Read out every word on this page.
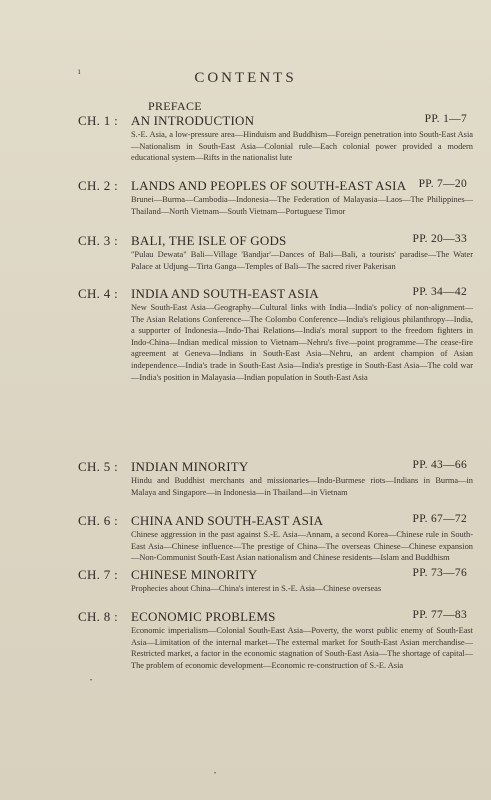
CONTENTS
PREFACE
CH. 1 : AN INTRODUCTION	PP. 1—7
S.-E. Asia, a low-pressure area—Hinduism and Buddhism—Foreign penetration into South-East Asia—Nationalism in South-East Asia—Colonial rule—Each colonial power provided a modern educational system—Rifts in the nationalist lute
CH. 2 : LANDS AND PEOPLES OF SOUTH-EAST ASIA PP. 7—20
Brunei—Burma—Cambodia—Indonesia—The Federation of Malayasia—Laos—The Philippines—Thailand—North Vietnam—South Vietnam—Portuguese Timor
CH. 3 : BALI, THE ISLE OF GODS	PP. 20—33
"Pulau Dewata" Bali—Village 'Bandjar'—Dances of Bali—Bali, a tourists' paradise—The Water Palace at Udjung—Tirta Ganga—Temples of Bali—The sacred river Pakerisan
CH. 4 : INDIA AND SOUTH-EAST ASIA	PP. 34—42
New South-East Asia—Geography—Cultural links with India—India's policy of non-alignment—The Asian Relations Conference—The Colombo Conference—India's religious philanthropy—India, a supporter of Indonesia—Indo-Thai Relations—India's moral support to the freedom fighters in Indo-China—Indian medical mission to Vietnam—Nehru's five—point programme—The cease-fire agreement at Geneva—Indians in South-East Asia—Nehru, an ardent champion of Asian independence—India's trade in South-East Asia—India's prestige in South-East Asia—The cold war—India's position in Malayasia—Indian population in South-East Asia
CH. 5 : INDIAN MINORITY	PP. 43—66
Hindu and Buddhist merchants and missionaries—Indo-Burmese riots—Indians in Burma—in Malaya and Singapore—in Indonesia—in Thailand—in Vietnam
CH. 6 : CHINA AND SOUTH-EAST ASIA	PP. 67—72
Chinese aggression in the past against S.-E. Asia—Annam, a second Korea—Chinese rule in South-East Asia—Chinese influence—The prestige of China—The overseas Chinese—Chinese expansion—Non-Communist South-East Asian nationalism and Chinese residents—Islam and Buddhism
CH. 7 : CHINESE MINORITY	PP. 73—76
Prophecies about China—China's interest in S.-E. Asia—Chinese overseas
CH. 8 : ECONOMIC PROBLEMS	PP. 77—83
Economic imperialism—Colonial South-East Asia—Poverty, the worst public enemy of South-East Asia—Limitation of the internal market—The external market for South-East Asian merchandise—Restricted market, a factor in the economic stagnation of South-East Asia—The shortage of capital—The problem of economic development—Economic re-construction of S.-E. Asia
ı
•
•
